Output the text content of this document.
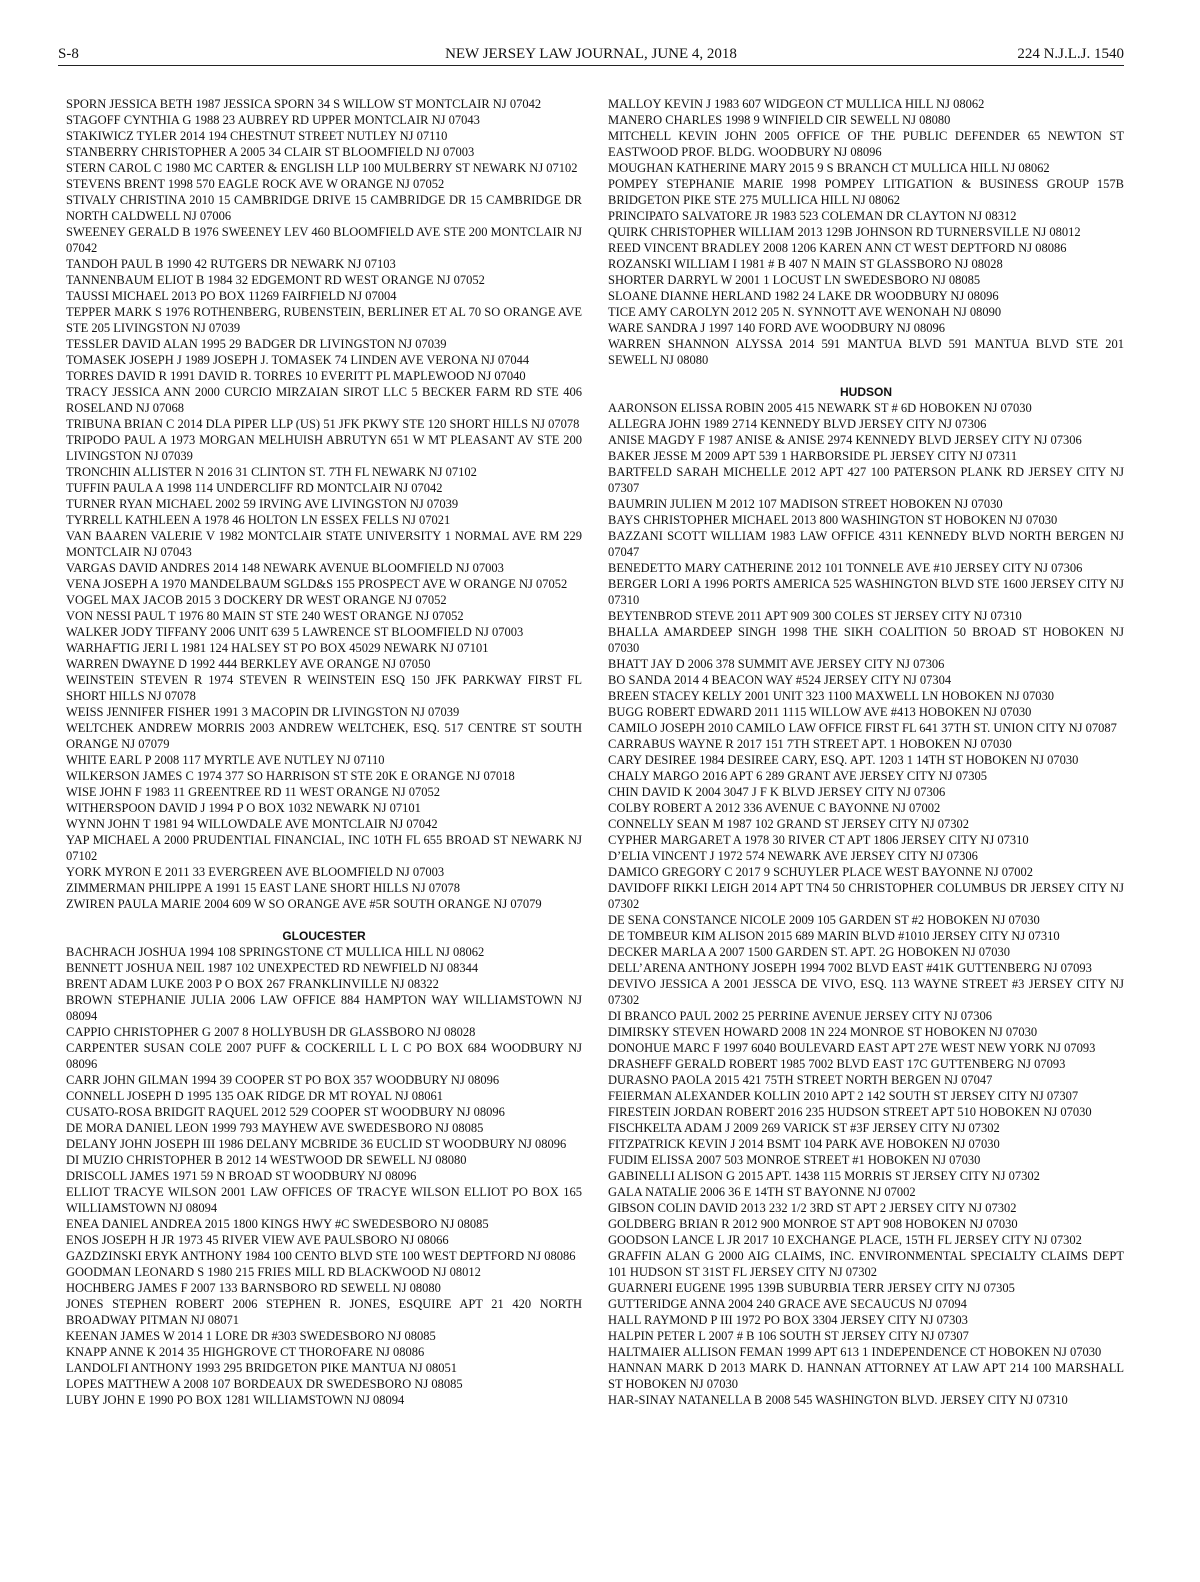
S-8	NEW JERSEY LAW JOURNAL, JUNE 4, 2018	224 N.J.L.J. 1540

SPORN JESSICA BETH 1987 JESSICA SPORN 34 S WILLOW ST MONTCLAIR NJ 07042

STAGOFF CYNTHIA G 1988 23 AUBREY RD UPPER MONTCLAIR NJ 07043

STAKIWICZ TYLER 2014 194 CHESTNUT STREET NUTLEY NJ 07110

STANBERRY CHRISTOPHER A 2005 34 CLAIR ST BLOOMFIELD NJ 07003

STERN CAROL C 1980 MC CARTER & ENGLISH LLP 100 MULBERRY ST NEWARK NJ 07102

STEVENS BRENT 1998 570 EAGLE ROCK AVE W ORANGE NJ 07052

STIVALY CHRISTINA 2010 15 CAMBRIDGE DRIVE 15 CAMBRIDGE DR 15 CAMBRIDGE DR NORTH CALDWELL NJ 07006

SWEENEY GERALD B 1976 SWEENEY LEV 460 BLOOMFIELD AVE STE 200 MONTCLAIR NJ 07042

TANDOH PAUL B 1990 42 RUTGERS DR NEWARK NJ 07103

TANNENBAUM ELIOT B 1984 32 EDGEMONT RD WEST ORANGE NJ 07052

TAUSSI MICHAEL 2013 PO BOX 11269 FAIRFIELD NJ 07004

TEPPER MARK S 1976 ROTHENBERG, RUBENSTEIN, BERLINER ET AL 70 SO ORANGE AVE STE 205 LIVINGSTON NJ 07039

TESSLER DAVID ALAN 1995 29 BADGER DR LIVINGSTON NJ 07039

TOMASEK JOSEPH J 1989 JOSEPH J. TOMASEK 74 LINDEN AVE VERONA NJ 07044

TORRES DAVID R 1991 DAVID R. TORRES 10 EVERITT PL MAPLEWOOD NJ 07040

TRACY JESSICA ANN 2000 CURCIO MIRZAIAN SIROT LLC 5 BECKER FARM RD STE 406 ROSELAND NJ 07068

TRIBUNA BRIAN C 2014 DLA PIPER LLP (US) 51 JFK PKWY STE 120 SHORT HILLS NJ 07078

TRIPODO PAUL A 1973 MORGAN MELHUISH ABRUTYN 651 W MT PLEASANT AV STE 200 LIVINGSTON NJ 07039

TRONCHIN ALLISTER N 2016 31 CLINTON ST. 7TH FL NEWARK NJ 07102

TUFFIN PAULA A 1998 114 UNDERCLIFF RD MONTCLAIR NJ 07042

TURNER RYAN MICHAEL 2002 59 IRVING AVE LIVINGSTON NJ 07039

TYRRELL KATHLEEN A 1978 46 HOLTON LN ESSEX FELLS NJ 07021

VAN BAAREN VALERIE V 1982 MONTCLAIR STATE UNIVERSITY 1 NORMAL AVE RM 229 MONTCLAIR NJ 07043

VARGAS DAVID ANDRES 2014 148 NEWARK AVENUE BLOOMFIELD NJ 07003

VENA JOSEPH A 1970 MANDELBAUM SGLD&S 155 PROSPECT AVE W ORANGE NJ 07052

VOGEL MAX JACOB 2015 3 DOCKERY DR WEST ORANGE NJ 07052

VON NESSI PAUL T 1976 80 MAIN ST STE 240 WEST ORANGE NJ 07052

WALKER JODY TIFFANY 2006 UNIT 639 5 LAWRENCE ST BLOOMFIELD NJ 07003

WARHAFTIG JERI L 1981 124 HALSEY ST PO BOX 45029 NEWARK NJ 07101

WARREN DWAYNE D 1992 444 BERKLEY AVE ORANGE NJ 07050

WEINSTEIN STEVEN R 1974 STEVEN R WEINSTEIN ESQ 150 JFK PARKWAY FIRST FL SHORT HILLS NJ 07078

WEISS JENNIFER FISHER 1991 3 MACOPIN DR LIVINGSTON NJ 07039

WELTCHEK ANDREW MORRIS 2003 ANDREW WELTCHEK, ESQ. 517 CENTRE ST SOUTH ORANGE NJ 07079

WHITE EARL P 2008 117 MYRTLE AVE NUTLEY NJ 07110

WILKERSON JAMES C 1974 377 SO HARRISON ST STE 20K E ORANGE NJ 07018

WISE JOHN F 1983 11 GREENTREE RD 11 WEST ORANGE NJ 07052

WITHERSPOON DAVID J 1994 P O BOX 1032 NEWARK NJ 07101

WYNN JOHN T 1981 94 WILLOWDALE AVE MONTCLAIR NJ 07042

YAP MICHAEL A 2000 PRUDENTIAL FINANCIAL, INC 10TH FL 655 BROAD ST NEWARK NJ 07102

YORK MYRON E 2011 33 EVERGREEN AVE BLOOMFIELD NJ 07003

ZIMMERMAN PHILIPPE A 1991 15 EAST LANE SHORT HILLS NJ 07078

ZWIREN PAULA MARIE 2004 609 W SO ORANGE AVE #5R SOUTH ORANGE NJ 07079

GLOUCESTER

BACHRACH JOSHUA 1994 108 SPRINGSTONE CT MULLICA HILL NJ 08062

BENNETT JOSHUA NEIL 1987 102 UNEXPECTED RD NEWFIELD NJ 08344

BRENT ADAM LUKE 2003 P O BOX 267 FRANKLINVILLE NJ 08322

BROWN STEPHANIE JULIA 2006 LAW OFFICE 884 HAMPTON WAY WILLIAMSTOWN NJ 08094

CAPPIO CHRISTOPHER G 2007 8 HOLLYBUSH DR GLASSBORO NJ 08028

CARPENTER SUSAN COLE 2007 PUFF & COCKERILL L L C PO BOX 684 WOODBURY NJ 08096

CARR JOHN GILMAN 1994 39 COOPER ST PO BOX 357 WOODBURY NJ 08096

CONNELL JOSEPH D 1995 135 OAK RIDGE DR MT ROYAL NJ 08061

CUSATO-ROSA BRIDGIT RAQUEL 2012 529 COOPER ST WOODBURY NJ 08096

DE MORA DANIEL LEON 1999 793 MAYHEW AVE SWEDESBORO NJ 08085

DELANY JOHN JOSEPH III 1986 DELANY MCBRIDE 36 EUCLID ST WOODBURY NJ 08096

DI MUZIO CHRISTOPHER B 2012 14 WESTWOOD DR SEWELL NJ 08080

DRISCOLL JAMES 1971 59 N BROAD ST WOODBURY NJ 08096

ELLIOT TRACYE WILSON 2001 LAW OFFICES OF TRACYE WILSON ELLIOT PO BOX 165 WILLIAMSTOWN NJ 08094

ENEA DANIEL ANDREA 2015 1800 KINGS HWY #C SWEDESBORO NJ 08085

ENOS JOSEPH H JR 1973 45 RIVER VIEW AVE PAULSBORO NJ 08066

GAZDZINSKI ERYK ANTHONY 1984 100 CENTO BLVD STE 100 WEST DEPTFORD NJ 08086

GOODMAN LEONARD S 1980 215 FRIES MILL RD BLACKWOOD NJ 08012

HOCHBERG JAMES F 2007 133 BARNSBORO RD SEWELL NJ 08080

JONES STEPHEN ROBERT 2006 STEPHEN R. JONES, ESQUIRE APT 21 420 NORTH BROADWAY PITMAN NJ 08071

KEENAN JAMES W 2014 1 LORE DR #303 SWEDESBORO NJ 08085

KNAPP ANNE K 2014 35 HIGHGROVE CT THOROFARE NJ 08086

LANDOLFI ANTHONY 1993 295 BRIDGETON PIKE MANTUA NJ 08051

LOPES MATTHEW A 2008 107 BORDEAUX DR SWEDESBORO NJ 08085

LUBY JOHN E 1990 PO BOX 1281 WILLIAMSTOWN NJ 08094

MALLOY KEVIN J 1983 607 WIDGEON CT MULLICA HILL NJ 08062

MANERO CHARLES 1998 9 WINFIELD CIR SEWELL NJ 08080

MITCHELL KEVIN JOHN 2005 OFFICE OF THE PUBLIC DEFENDER 65 NEWTON ST EASTWOOD PROF. BLDG. WOODBURY NJ 08096

MOUGHAN KATHERINE MARY 2015 9 S BRANCH CT MULLICA HILL NJ 08062

POMPEY STEPHANIE MARIE 1998 POMPEY LITIGATION & BUSINESS GROUP 157B BRIDGETON PIKE STE 275 MULLICA HILL NJ 08062

PRINCIPATO SALVATORE JR 1983 523 COLEMAN DR CLAYTON NJ 08312

QUIRK CHRISTOPHER WILLIAM 2013 129B JOHNSON RD TURNERSVILLE NJ 08012

REED VINCENT BRADLEY 2008 1206 KAREN ANN CT WEST DEPTFORD NJ 08086

ROZANSKI WILLIAM I 1981 # B 407 N MAIN ST GLASSBORO NJ 08028

SHORTER DARRYL W 2001 1 LOCUST LN SWEDESBORO NJ 08085

SLOANE DIANNE HERLAND 1982 24 LAKE DR WOODBURY NJ 08096

TICE AMY CAROLYN 2012 205 N. SYNNOTT AVE WENONAH NJ 08090

WARE SANDRA J 1997 140 FORD AVE WOODBURY NJ 08096

WARREN SHANNON ALYSSA 2014 591 MANTUA BLVD 591 MANTUA BLVD STE 201 SEWELL NJ 08080

HUDSON

AARONSON ELISSA ROBIN 2005 415 NEWARK ST # 6D HOBOKEN NJ 07030

ALLEGRA JOHN 1989 2714 KENNEDY BLVD JERSEY CITY NJ 07306

ANISE MAGDY F 1987 ANISE & ANISE 2974 KENNEDY BLVD JERSEY CITY NJ 07306

BAKER JESSE M 2009 APT 539 1 HARBORSIDE PL JERSEY CITY NJ 07311

BARTFELD SARAH MICHELLE 2012 APT 427 100 PATERSON PLANK RD JERSEY CITY NJ 07307

BAUMRIN JULIEN M 2012 107 MADISON STREET HOBOKEN NJ 07030

BAYS CHRISTOPHER MICHAEL 2013 800 WASHINGTON ST HOBOKEN NJ 07030

BAZZANI SCOTT WILLIAM 1983 LAW OFFICE 4311 KENNEDY BLVD NORTH BERGEN NJ 07047

BENEDETTO MARY CATHERINE 2012 101 TONNELE AVE #10 JERSEY CITY NJ 07306

BERGER LORI A 1996 PORTS AMERICA 525 WASHINGTON BLVD STE 1600 JERSEY CITY NJ 07310

BEYTENBROD STEVE 2011 APT 909 300 COLES ST JERSEY CITY NJ 07310

BHALLA AMARDEEP SINGH 1998 THE SIKH COALITION 50 BROAD ST HOBOKEN NJ 07030

BHATT JAY D 2006 378 SUMMIT AVE JERSEY CITY NJ 07306

BO SANDA 2014 4 BEACON WAY #524 JERSEY CITY NJ 07304

BREEN STACEY KELLY 2001 UNIT 323 1100 MAXWELL LN HOBOKEN NJ 07030

BUGG ROBERT EDWARD 2011 1115 WILLOW AVE #413 HOBOKEN NJ 07030

CAMILO JOSEPH 2010 CAMILO LAW OFFICE FIRST FL 641 37TH ST. UNION CITY NJ 07087

CARRABUS WAYNE R 2017 151 7TH STREET APT. 1 HOBOKEN NJ 07030

CARY DESIREE 1984 DESIREE CARY, ESQ. APT. 1203 1 14TH ST HOBOKEN NJ 07030

CHALY MARGO 2016 APT 6 289 GRANT AVE JERSEY CITY NJ 07305

CHIN DAVID K 2004 3047 J F K BLVD JERSEY CITY NJ 07306

COLBY ROBERT A 2012 336 AVENUE C BAYONNE NJ 07002

CONNELLY SEAN M 1987 102 GRAND ST JERSEY CITY NJ 07302

CYPHER MARGARET A 1978 30 RIVER CT APT 1806 JERSEY CITY NJ 07310

D’ELIA VINCENT J 1972 574 NEWARK AVE JERSEY CITY NJ 07306

DAMICO GREGORY C 2017 9 SCHUYLER PLACE WEST BAYONNE NJ 07002

DAVIDOFF RIKKI LEIGH 2014 APT TN4 50 CHRISTOPHER COLUMBUS DR JERSEY CITY NJ 07302

DE SENA CONSTANCE NICOLE 2009 105 GARDEN ST #2 HOBOKEN NJ 07030

DE TOMBEUR KIM ALISON 2015 689 MARIN BLVD #1010 JERSEY CITY NJ 07310

DECKER MARLA A 2007 1500 GARDEN ST. APT. 2G HOBOKEN NJ 07030

DELL’ARENA ANTHONY JOSEPH 1994 7002 BLVD EAST #41K GUTTENBERG NJ 07093

DEVIVO JESSICA A 2001 JESSCA DE VIVO, ESQ. 113 WAYNE STREET #3 JERSEY CITY NJ 07302

DI BRANCO PAUL 2002 25 PERRINE AVENUE JERSEY CITY NJ 07306

DIMIRSKY STEVEN HOWARD 2008 1N 224 MONROE ST HOBOKEN NJ 07030

DONOHUE MARC F 1997 6040 BOULEVARD EAST APT 27E WEST NEW YORK NJ 07093

DRASHEFF GERALD ROBERT 1985 7002 BLVD EAST 17C GUTTENBERG NJ 07093

DURASNO PAOLA 2015 421 75TH STREET NORTH BERGEN NJ 07047

FEIERMAN ALEXANDER KOLLIN 2010 APT 2 142 SOUTH ST JERSEY CITY NJ 07307

FIRESTEIN JORDAN ROBERT 2016 235 HUDSON STREET APT 510 HOBOKEN NJ 07030

FISCHKELTA ADAM J 2009 269 VARICK ST #3F JERSEY CITY NJ 07302

FITZPATRICK KEVIN J 2014 BSMT 104 PARK AVE HOBOKEN NJ 07030

FUDIM ELISSA 2007 503 MONROE STREET #1 HOBOKEN NJ 07030

GABINELLI ALISON G 2015 APT. 1438 115 MORRIS ST JERSEY CITY NJ 07302

GALA NATALIE 2006 36 E 14TH ST BAYONNE NJ 07002

GIBSON COLIN DAVID 2013 232 1/2 3RD ST APT 2 JERSEY CITY NJ 07302

GOLDBERG BRIAN R 2012 900 MONROE ST APT 908 HOBOKEN NJ 07030

GOODSON LANCE L JR 2017 10 EXCHANGE PLACE, 15TH FL JERSEY CITY NJ 07302

GRAFFIN ALAN G 2000 AIG CLAIMS, INC. ENVIRONMENTAL SPECIALTY CLAIMS DEPT 101 HUDSON ST 31ST FL JERSEY CITY NJ 07302

GUARNERI EUGENE 1995 139B SUBURBIA TERR JERSEY CITY NJ 07305

GUTTERIDGE ANNA 2004 240 GRACE AVE SECAUCUS NJ 07094

HALL RAYMOND P III 1972 PO BOX 3304 JERSEY CITY NJ 07303

HALPIN PETER L 2007 # B 106 SOUTH ST JERSEY CITY NJ 07307

HALTMAIER ALLISON FEMAN 1999 APT 613 1 INDEPENDENCE CT HOBOKEN NJ 07030

HANNAN MARK D 2013 MARK D. HANNAN ATTORNEY AT LAW APT 214 100 MARSHALL ST HOBOKEN NJ 07030

HAR-SINAY NATANELLA B 2008 545 WASHINGTON BLVD. JERSEY CITY NJ 07310
